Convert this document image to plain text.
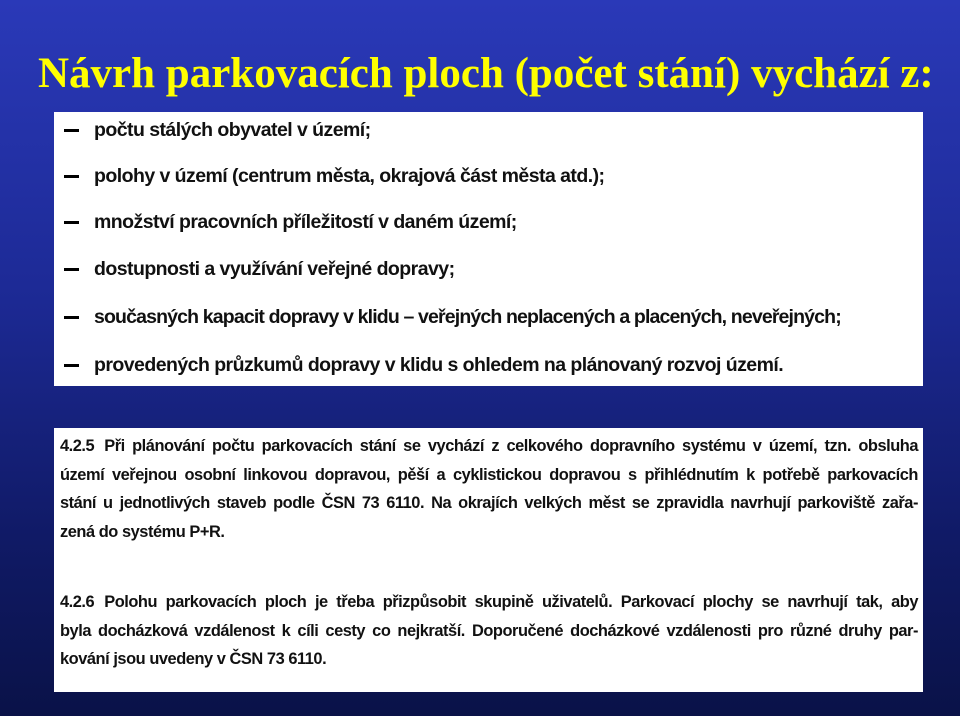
Návrh parkovacích ploch (počet stání) vychází z:
počtu stálých obyvatel v území;
polohy v území (centrum města, okrajová část města atd.);
množství pracovních příležitostí v daném území;
dostupnosti a využívání veřejné dopravy;
současných kapacit dopravy v klidu – veřejných neplacených a placených, neveřejných;
provedených průzkumů dopravy v klidu s ohledem na plánovaný rozvoj území.
4.2.5 Při plánování počtu parkovacích stání se vychází z celkového dopravního systému v území, tzn. obsluha
území veřejnou osobní linkovou dopravou, pěší a cyklistickou dopravou s přihlédnutím k potřebě parkovacích
stání u jednotlivých staveb podle ČSN 73 6110. Na okrajích velkých měst se zpravidla navrhují parkoviště zařa-
zená do systému P+R.
4.2.6 Polohu parkovacích ploch je třeba přizpůsobit skupině uživatelů. Parkovací plochy se navrhují tak, aby
byla docházková vzdálenost k cíli cesty co nejkratší. Doporučené docházkové vzdálenosti pro různé druhy par-
kování jsou uvedeny v ČSN 73 6110.
